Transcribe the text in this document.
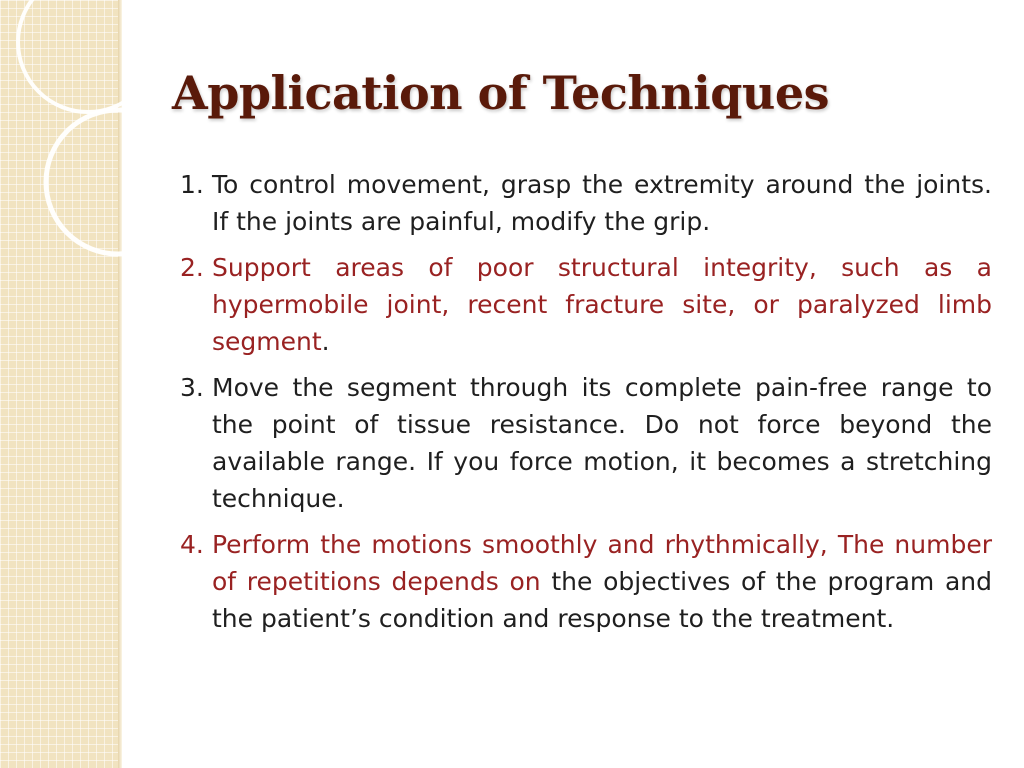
Application of Techniques
1. To control movement, grasp the extremity around the joints. If the joints are painful, modify the grip.
2. Support areas of poor structural integrity, such as a hypermobile joint, recent fracture site, or paralyzed limb segment.
3. Move the segment through its complete pain-free range to the point of tissue resistance. Do not force beyond the available range. If you force motion, it becomes a stretching technique.
4. Perform the motions smoothly and rhythmically, The number of repetitions depends on the objectives of the program and the patient’s condition and response to the treatment.
